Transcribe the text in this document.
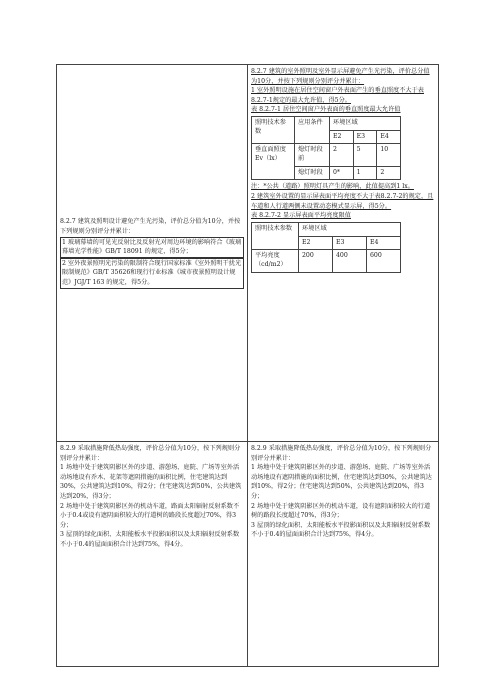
8.2.7 建筑及照明设计避免产生光污染，评价总分值为10分，并按下列规则分别评分并累计：

1 玻璃幕墙的可见光反射比及反射光对周边环境的影响符合《玻璃幕墙光学性能》GB/T 18091 的规定，得5分；

2 室外夜景照明光污染的限制符合现行国家标准《室外照明干扰光限制规范》GB/T 35626和现行行业标准《城市夜景照明设计规范》JGJ/T 163 的规定，得5分。

8.2.7 建筑的室外照明及室外显示屏避免产生光污染，评价总分值为10分，并按下列规则分别评分并累计：

1 室外照明设施在居住空间窗户外表面产生的垂直照度不大于表8.2.7-1规定的最大允许值，得5分。

表 8.2.7-1 居住空间窗户外表面的垂直照度最大允许值

照明技术参数	应用条件	环境区域
E2	E3	E4
垂直面照度Ev（lx）	熄灯时段前	2	5	10
熄灯时段	0*	1	2

注：*公共（道路）照明灯具产生的影响，此值提高到1 lx。

2 建筑室外设置的显示屏表面平均亮度不大于表8.2.7-2的规定，且车道和人行道两侧未设置动态模式显示屏，得5分。

表 8.2.7-2 显示屏表面平均亮度限值

照明技术参数	环境区域
E2	E3	E4
平均亮度（cd/m2）	200	400	600

8.2.9 采取措施降低热岛强度，评价总分值为10分，按下列规则分别评分并累计：

1 场地中处于建筑阴影区外的步道、游憩场、庭院、广场等室外活动场地设有乔木、花架等遮阴措施的面积比例，住宅建筑达到30%，公共建筑达到10%，得2分；住宅建筑达到50%，公共建筑达到20%，得3分；

2 场地中处于建筑阴影区外的机动车道，路面太阳辐射反射系数不小于0.4或设有遮阴面积较大的行道树的路段长度超过70%，得3分；

3 屋顶的绿化面积、太阳能板水平投影面积以及太阳辐射反射系数不小于0.4的屋面面积合计达到75%，得4分。

8.2.9 采取措施降低热岛强度，评价总分值为10分，按下列规则分别评分并累计：

1 场地中处于建筑阴影区外的步道、游憩场、庭院、广场等室外活动场地设有遮阴措施的面积比例，住宅建筑达到30%，公共建筑达到10%，得2分；住宅建筑达到50%，公共建筑达到20%，得3分；

2 场地中处于建筑阴影区外的机动车道，设有遮阴面积较大的行道树的路段长度超过70%，得3分；

3 屋顶的绿化面积、太阳能板水平投影面积以及太阳辐射反射系数不小于0.4的屋面面积合计达到75%，得4分。
